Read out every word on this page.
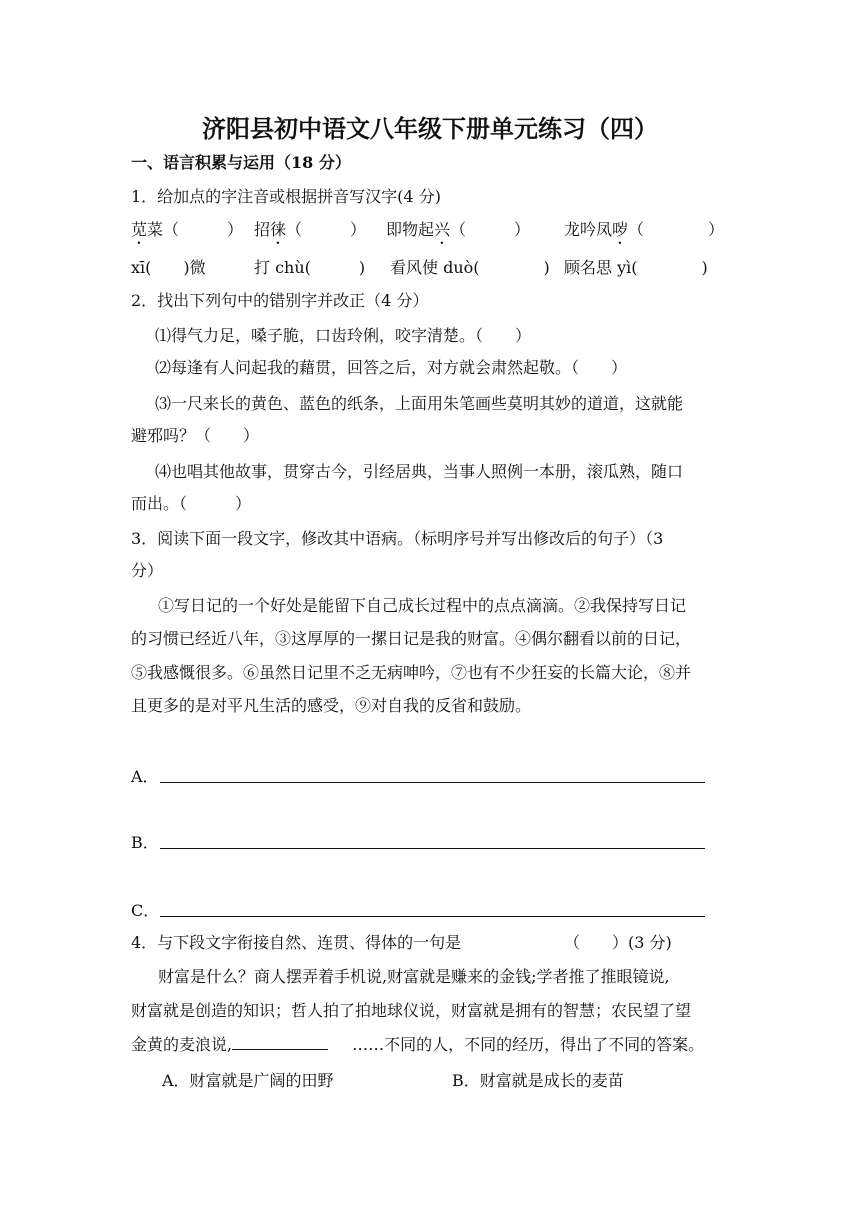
济阳县初中语文八年级下册单元练习（四）
一、语言积累与运用（18 分）
1．给加点的字注音或根据拼音写汉字(4 分)
苋菜（　　　） 招徕（　　　） 即物起兴（　　　） 龙吟凤哕（　　　　）
xī(　　)微	打 chù(　　　) 看风使 duò(　　　　) 顾名思 yì(　　　　)
2．找出下列句中的错别字并改正（4 分）
⑴得气力足，嗓子脆，口齿玲俐，咬字清楚。（　　）
⑵每逢有人问起我的藉贯，回答之后，对方就会肃然起敬。（　　）
⑶一尺来长的黄色、蓝色的纸条，上面用朱笔画些莫明其妙的道道，这就能
避邪吗？（　　）
⑷也唱其他故事，贯穿古今，引经居典，当事人照例一本册，滚瓜熟，随口
而出。（　　　）
3．阅读下面一段文字，修改其中语病。（标明序号并写出修改后的句子）（3
分）
①写日记的一个好处是能留下自己成长过程中的点点滴滴。②我保持写日记
的习惯已经近八年，③这厚厚的一摞日记是我的财富。④偶尔翻看以前的日记，
⑤我感慨很多。⑥虽然日记里不乏无病呻吟，⑦也有不少狂妄的长篇大论，⑧并
且更多的是对平凡生活的感受，⑨对自我的反省和鼓励。
A．
B．
C．
4．与下段文字衔接自然、连贯、得体的一句是	（　　）(3 分)
财富是什么？商人摆弄着手机说,财富就是赚来的金钱;学者推了推眼镜说,
财富就是创造的知识；哲人拍了拍地球仪说，财富就是拥有的智慧；农民望了望
金黄的麦浪说,	……不同的人，不同的经历，得出了不同的答案。
A．财富就是广阔的田野	B．财富就是成长的麦苗
